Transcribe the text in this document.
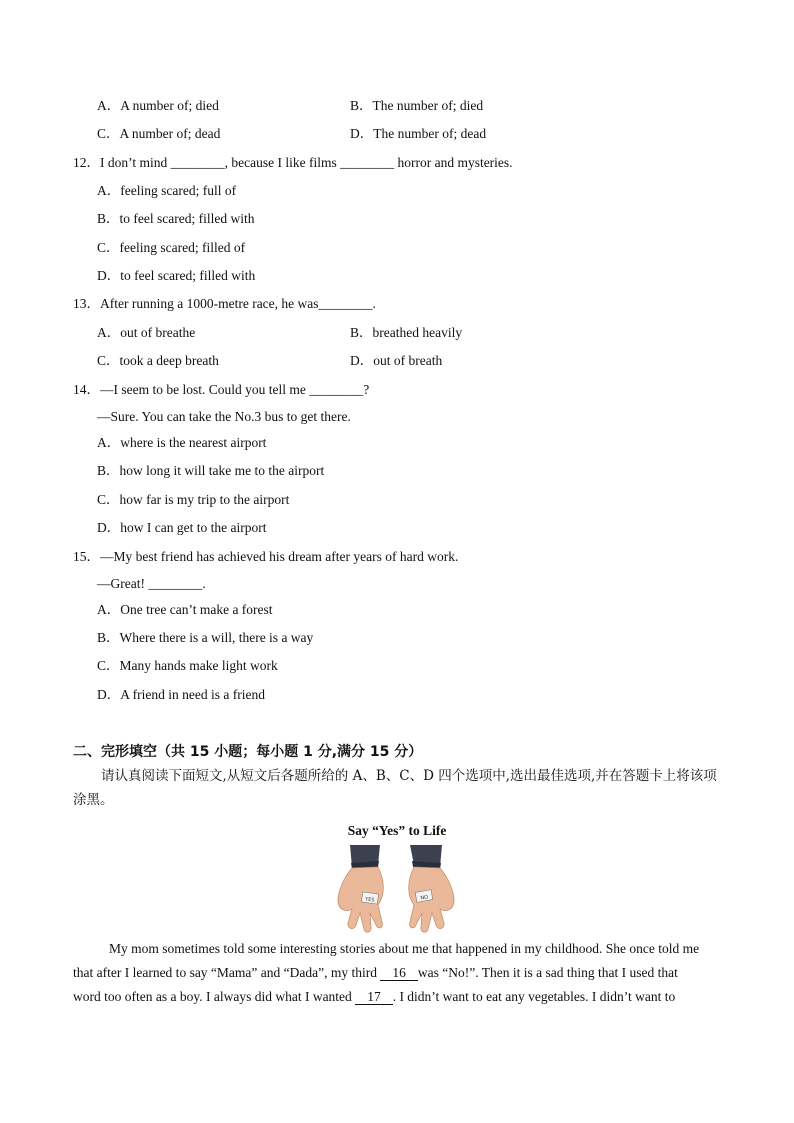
A．A number of; died	B．The number of; died
C．A number of; dead	D．The number of; dead
12．I don’t mind ________, because I like films ________ horror and mysteries.
A．feeling scared; full of
B．to feel scared; filled with
C．feeling scared; filled of
D．to feel scared; filled with
13．After running a 1000-metre race, he was________.
A．out of breathe	B．breathed heavily
C．took a deep breath	D．out of breath
14．—I seem to be lost. Could you tell me ________?
—Sure. You can take the No.3 bus to get there.
A．where is the nearest airport
B．how long it will take me to the airport
C．how far is my trip to the airport
D．how I can get to the airport
15．—My best friend has achieved his dream after years of hard work.
—Great! ________.
A．One tree can’t make a forest
B．Where there is a will, there is a way
C．Many hands make light work
D．A friend in need is a friend
二、完形填空（共 15 小题；每小题 1 分,满分 15 分）
请认真阅读下面短文,从短文后各题所给的 A、B、C、D 四个选项中,选出最佳选项,并在答题卡上将该项涂黑。
Say “Yes” to Life
YES	NO
My mom sometimes told some interesting stories about me that happened in my childhood. She once told me
that after I learned to say “Mama” and “Dada”, my third 16 was “No!”. Then it is a sad thing that I used that
word too often as a boy. I always did what I wanted 17 . I didn’t want to eat any vegetables. I didn’t want to
